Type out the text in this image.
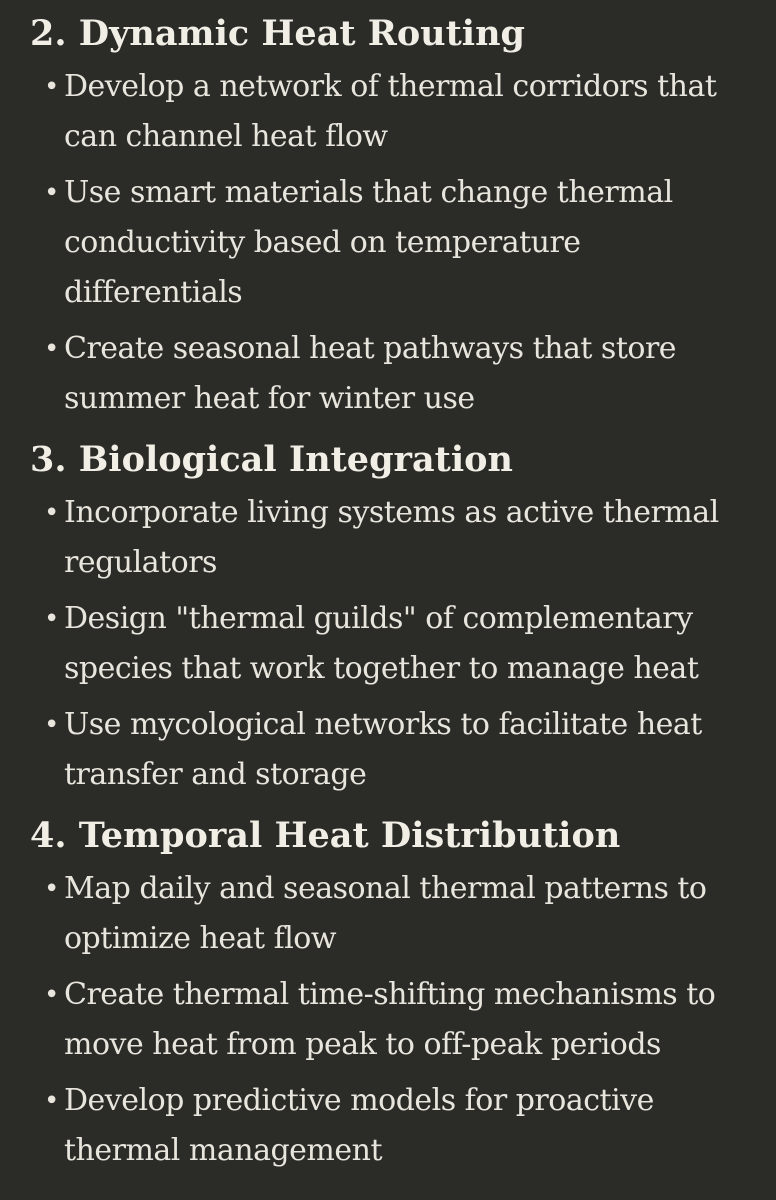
2. Dynamic Heat Routing
• Develop a network of thermal corridors that can channel heat flow
• Use smart materials that change thermal conductivity based on temperature differentials
• Create seasonal heat pathways that store summer heat for winter use
3. Biological Integration
• Incorporate living systems as active thermal regulators
• Design "thermal guilds" of complementary species that work together to manage heat
• Use mycological networks to facilitate heat transfer and storage
4. Temporal Heat Distribution
• Map daily and seasonal thermal patterns to optimize heat flow
• Create thermal time-shifting mechanisms to move heat from peak to off-peak periods
• Develop predictive models for proactive thermal management
